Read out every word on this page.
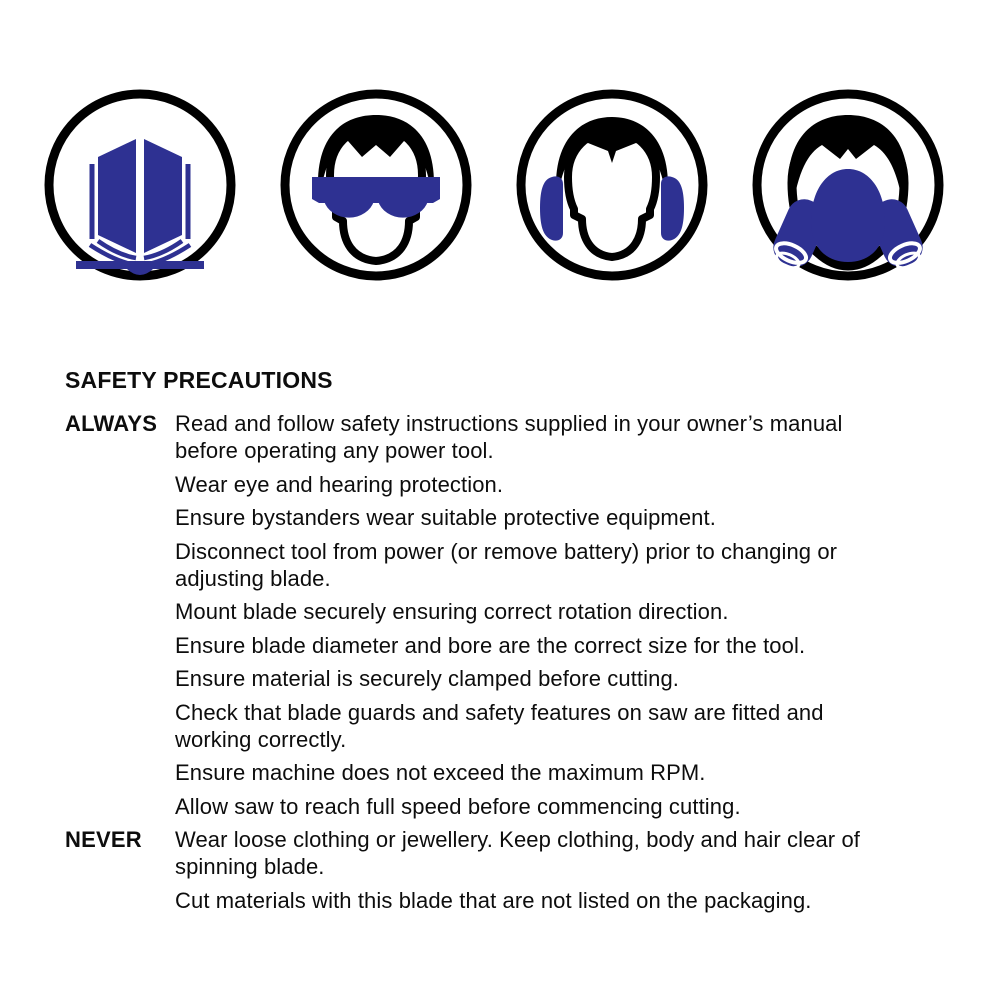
SAFETY PRECAUTIONS
ALWAYS Read and follow safety instructions supplied in your owner’s manual before operating any power tool.
Wear eye and hearing protection.
Ensure bystanders wear suitable protective equipment.
Disconnect tool from power (or remove battery) prior to changing or adjusting blade.
Mount blade securely ensuring correct rotation direction.
Ensure blade diameter and bore are the correct size for the tool.
Ensure material is securely clamped before cutting.
Check that blade guards and safety features on saw are fitted and working correctly.
Ensure machine does not exceed the maximum RPM.
Allow saw to reach full speed before commencing cutting.
NEVER	Wear loose clothing or jewellery. Keep clothing, body and hair clear of spinning blade.
Cut materials with this blade that are not listed on the packaging.
